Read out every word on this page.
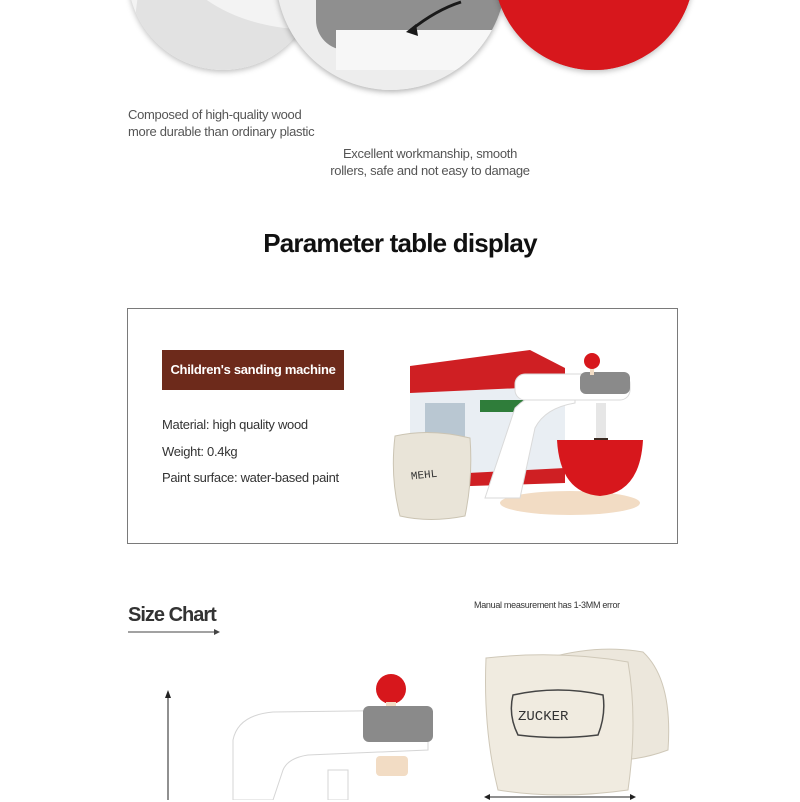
Composed of high-quality wood
more durable than ordinary plastic
Excellent workmanship, smooth
rollers, safe and not easy to damage
Parameter table display
Children's sanding machine
Material: high quality wood
Weight: 0.4kg
Paint surface: water-based paint	MEHL
Size Chart	Manual measurement has 1-3MM error
ZUCKER
